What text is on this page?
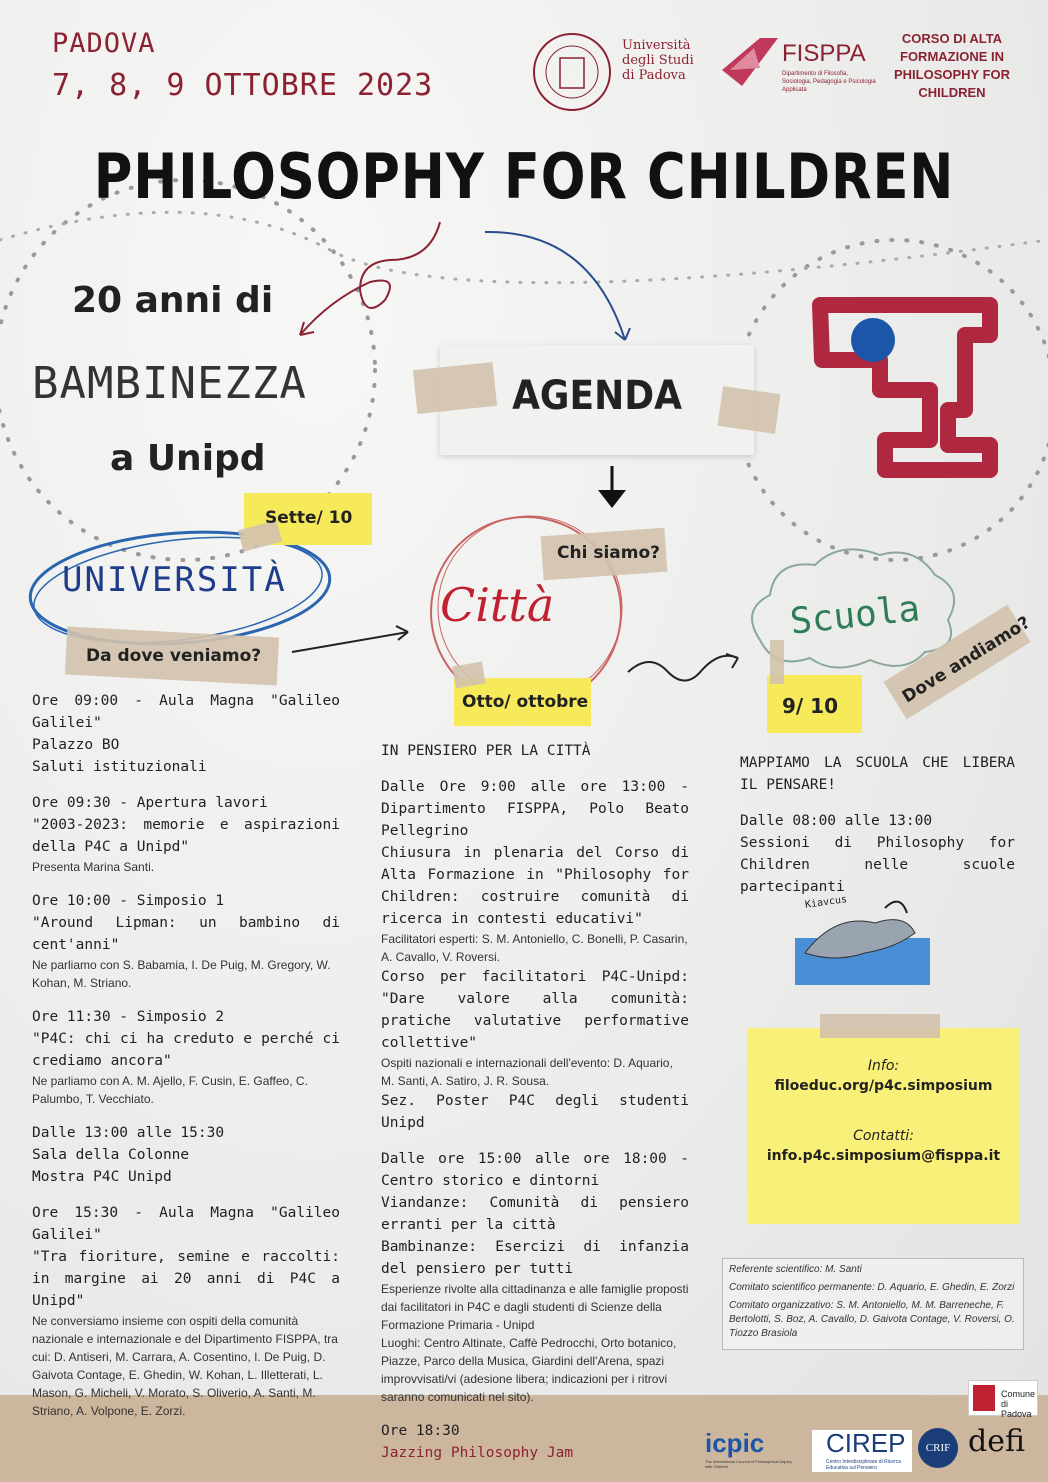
PADOVA
7, 8, 9 OTTOBRE 2023
Università degli Studi di Padova
FISPPA
Dipartimento di Filosofia, Sociologia, Pedagogia e Psicologia Applicata
CORSO DI ALTA FORMAZIONE IN PHILOSOPHY FOR CHILDREN
PHILOSOPHY FOR CHILDREN
20 anni di
BAMBINEZZA
a Unipd
AGENDA
Sette/ 10
UNIVERSITÀ
Da dove veniamo?
Chi siamo?
Città
Otto/ ottobre
Scuola
Dove andiamo?
9/ 10
Ore 09:00 - Aula Magna "Galileo Galilei"
Palazzo BO
Saluti istituzionali
Ore 09:30 - Apertura lavori
"2003-2023: memorie e aspirazioni della P4C a Unipd"
Presenta Marina Santi.
Ore 10:00 - Simposio 1
"Around Lipman: un bambino di cent'anni"
Ne parliamo con S. Babamia, I. De Puig, M. Gregory, W. Kohan, M. Striano.
Ore 11:30 - Simposio 2
"P4C: chi ci ha creduto e perché ci crediamo ancora"
Ne parliamo con A. M. Ajello, F. Cusin, E. Gaffeo, C. Palumbo, T. Vecchiato.
Dalle 13:00 alle 15:30
Sala della Colonne
Mostra P4C Unipd
Ore 15:30 - Aula Magna "Galileo Galilei"
"Tra fioriture, semine e raccolti: in margine ai 20 anni di P4C a Unipd"
Ne conversiamo insieme con ospiti della comunità nazionale e internazionale e del Dipartimento FISPPA, tra cui: D. Antiseri, M. Carrara, A. Cosentino, I. De Puig, D. Gaivota Contage, E. Ghedin, W. Kohan, L. Illetterati, L. Mason, G. Micheli, V. Morato, S. Oliverio, A. Santi, M. Striano, A. Volpone, E. Zorzi.
IN PENSIERO PER LA CITTÀ
Dalle Ore 9:00 alle ore 13:00 - Dipartimento FISPPA, Polo Beato Pellegrino
Chiusura in plenaria del Corso di Alta Formazione in "Philosophy for Children: costruire comunità di ricerca in contesti educativi"
Facilitatori esperti: S. M. Antoniello, C. Bonelli, P. Casarin, A. Cavallo, V. Roversi.
Corso per facilitatori P4C-Unipd: "Dare valore alla comunità: pratiche valutative performative collettive"
Ospiti nazionali e internazionali dell'evento: D. Aquario, M. Santi, A. Satiro, J. R. Sousa.
Sez. Poster P4C degli studenti Unipd
Dalle ore 15:00 alle ore 18:00 - Centro storico e dintorni
Viandanze: Comunità di pensiero erranti per la città
Bambinanze: Esercizi di infanzia del pensiero per tutti
Esperienze rivolte alla cittadinanza e alle famiglie proposti dai facilitatori in P4C e dagli studenti di Scienze della Formazione Primaria - Unipd
Luoghi: Centro Altinate, Caffè Pedrocchi, Orto botanico, Piazze, Parco della Musica, Giardini dell'Arena, spazi improvvisati/vi (adesione libera; indicazioni per i ritrovi saranno comunicati nel sito).
Ore 18:30
Jazzing Philosophy Jam
MAPPIAMO LA SCUOLA CHE LIBERA IL PENSARE!
Dalle 08:00 alle 13:00
Sessioni di Philosophy for Children nelle scuole partecipanti
Kiavcus
Info:
filoeduc.org/p4c.simposium
Contatti:
info.p4c.simposium@fisppa.it
Referente scientifico: M. Santi
Comitato scientifico permanente: D. Aquario, E. Ghedin, E. Zorzi
Comitato organizzativo: S. M. Antoniello, M. M. Barreneche, F. Bertolotti, S. Boz, A. Cavallo, D. Gaivota Contage, V. Roversi, O. Tiozzo Brasiola
Comune di Padova
icpic
The International Council of Philosophical Inquiry with Children
CIREP
Centro Interdisciplinare di Ricerca Educativa sul Pensiero
CRIF defi
